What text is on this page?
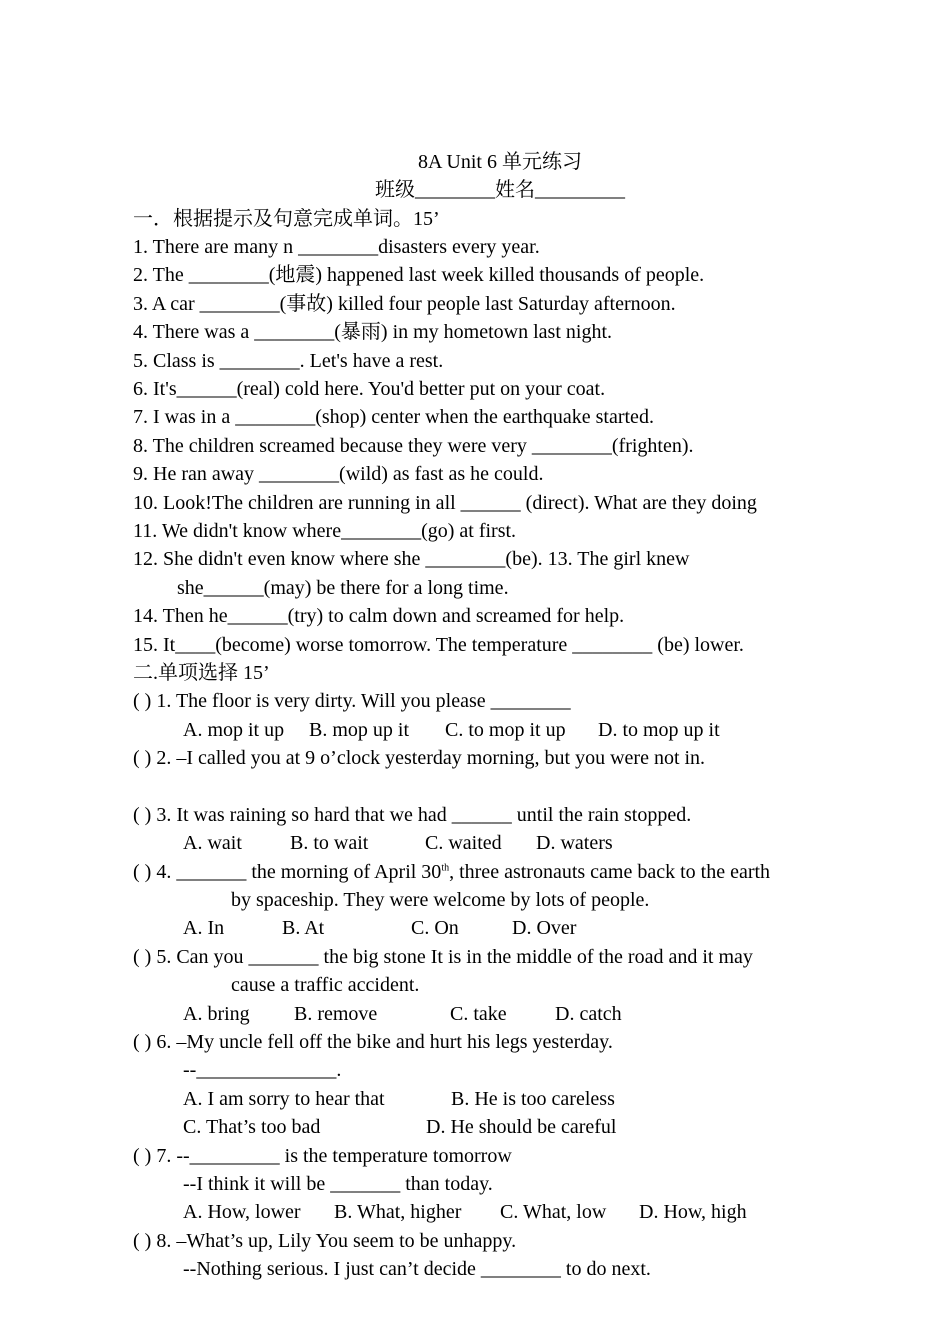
8A Unit 6 单元练习
班级________姓名_________
一．根据提示及句意完成单词。15’
1. There are many n ________disasters every year.
2. The ________(地震) happened last week killed thousands of people.
3. A car ________(事故) killed four people last Saturday afternoon.
4. There was a ________(暴雨) in my hometown last night.
5. Class is ________. Let's have a rest.
6. It's______(real) cold here. You'd better put on your coat.
7. I was in a ________(shop) center when the earthquake started.
8. The children screamed because they were very ________(frighten).
9. He ran away ________(wild) as fast as he could.
10. Look!The children are running in all ______ (direct). What are they doing
11. We didn't know where________(go) at first.
12. She didn't even know where she ________(be). 13. The girl knew
she______(may) be there for a long time.
14. Then he______(try) to calm down and screamed for help.
15. It____(become) worse tomorrow. The temperature ________ (be) lower.
二.单项选择 15’
( ) 1. The floor is very dirty. Will you please ________
A. mop it up B. mop up it C. to mop it up D. to mop up it
( ) 2. –I called you at 9 o’clock yesterday morning, but you were not in.
( ) 3. It was raining so hard that we had ______ until the rain stopped.
A. wait B. to wait	C. waited D. waters
( ) 4. _______ the morning of April 30th, three astronauts came back to the earth
by spaceship. They were welcome by lots of people.
A. In	B. At	C. On	D. Over
( ) 5. Can you _______ the big stone It is in the middle of the road and it may
cause a traffic accident.
A. bring B. remove	C. take D. catch
( ) 6. –My uncle fell off the bike and hurt his legs yesterday.
--______________.
A. I am sorry to hear that	B. He is too careless
C. That’s too bad	D. He should be careful
( ) 7. --_________ is the temperature tomorrow
--I think it will be _______ than today.
A. How, lower B. What, higher C. What, low D. How, high
( ) 8. –What’s up, Lily You seem to be unhappy.
--Nothing serious. I just can’t decide ________ to do next.
